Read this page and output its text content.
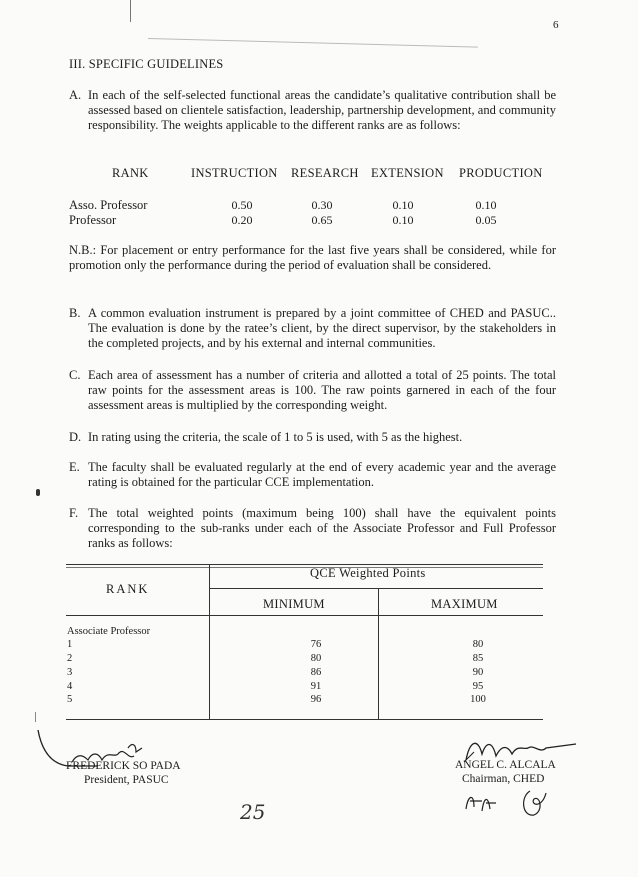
6
III. SPECIFIC GUIDELINES
A. In each of the self-selected functional areas the candidate’s qualitative contribution shall be assessed based on clientele satisfaction, leadership, partnership development, and community responsibility. The weights applicable to the different ranks are as follows:
RANK	INSTRUCTION RESEARCH EXTENSION PRODUCTION
Asso. Professor	0.50	0.30	0.10	0.10
Professor	0.20	0.65	0.10	0.05
N.B.: For placement or entry performance for the last five years shall be considered, while for promotion only the performance during the period of evaluation shall be considered.
B. A common evaluation instrument is prepared by a joint committee of CHED and PASUC.. The evaluation is done by the ratee’s client, by the direct supervisor, by the stakeholders in the completed projects, and by his external and internal communities.
C. Each area of assessment has a number of criteria and allotted a total of 25 points. The total raw points for the assessment areas is 100. The raw points garnered in each of the four assessment areas is multiplied by the corresponding weight.
D. In rating using the criteria, the scale of 1 to 5 is used, with 5 as the highest.
E. The faculty shall be evaluated regularly at the end of every academic year and the average rating is obtained for the particular CCE implementation.
F. The total weighted points (maximum being 100) shall have the equivalent points corresponding to the sub-ranks under each of the Associate Professor and Full Professor ranks as follows:
RANK
QCE Weighted Points
MINIMUM	MAXIMUM
Associate Professor
1	76	80
2	80	85
3	86	90
4	91	95
5	96	100
FREDERICK SO PADA
President, PASUC
ANGEL C. ALCALA
Chairman, CHED
25
